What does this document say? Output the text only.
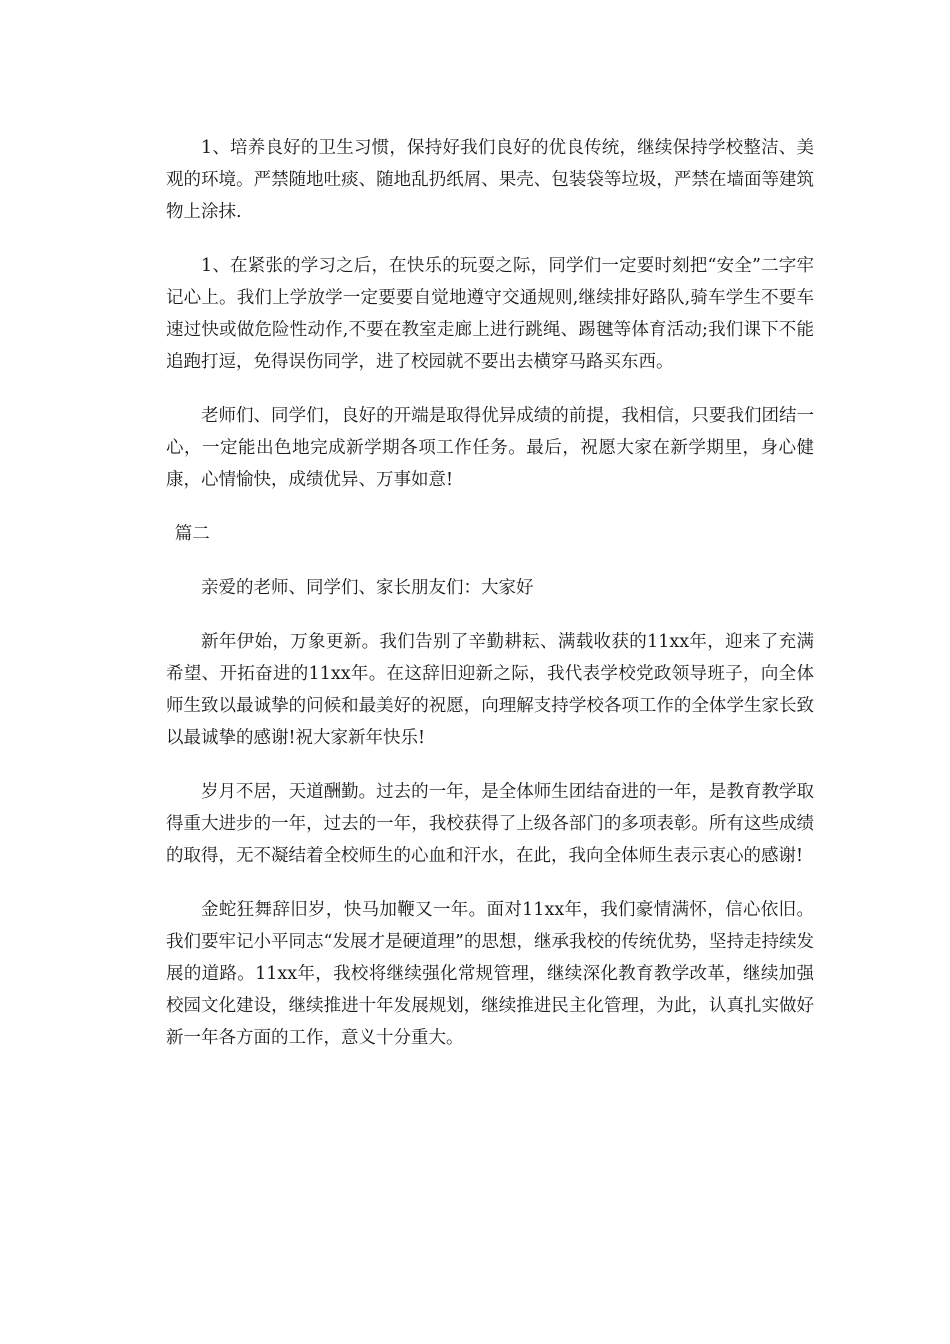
1、培养良好的卫生习惯，保持好我们良好的优良传统，继续保持学校整洁、美观的环境。严禁随地吐痰、随地乱扔纸屑、果壳、包装袋等垃圾，严禁在墙面等建筑物上涂抹.

1、在紧张的学习之后，在快乐的玩耍之际，同学们一定要时刻把“安全”二字牢记心上。我们上学放学一定要要自觉地遵守交通规则,继续排好路队,骑车学生不要车速过快或做危险性动作,不要在教室走廊上进行跳绳、踢毽等体育活动;我们课下不能追跑打逗，免得误伤同学，进了校园就不要出去横穿马路买东西。

老师们、同学们，良好的开端是取得优异成绩的前提，我相信，只要我们团结一心，一定能出色地完成新学期各项工作任务。最后，祝愿大家在新学期里，身心健康，心情愉快，成绩优异、万事如意!

篇二

亲爱的老师、同学们、家长朋友们：大家好

新年伊始，万象更新。我们告别了辛勤耕耘、满载收获的11xx年，迎来了充满希望、开拓奋进的11xx年。在这辞旧迎新之际，我代表学校党政领导班子，向全体师生致以最诚挚的问候和最美好的祝愿，向理解支持学校各项工作的全体学生家长致以最诚挚的感谢!祝大家新年快乐!

岁月不居，天道酬勤。过去的一年，是全体师生团结奋进的一年，是教育教学取得重大进步的一年，过去的一年，我校获得了上级各部门的多项表彰。所有这些成绩的取得，无不凝结着全校师生的心血和汗水，在此，我向全体师生表示衷心的感谢!

金蛇狂舞辞旧岁，快马加鞭又一年。面对11xx年，我们豪情满怀，信心依旧。我们要牢记小平同志“发展才是硬道理”的思想，继承我校的传统优势，坚持走持续发展的道路。11xx年，我校将继续强化常规管理，继续深化教育教学改革，继续加强校园文化建设，继续推进十年发展规划，继续推进民主化管理，为此，认真扎实做好新一年各方面的工作，意义十分重大。
